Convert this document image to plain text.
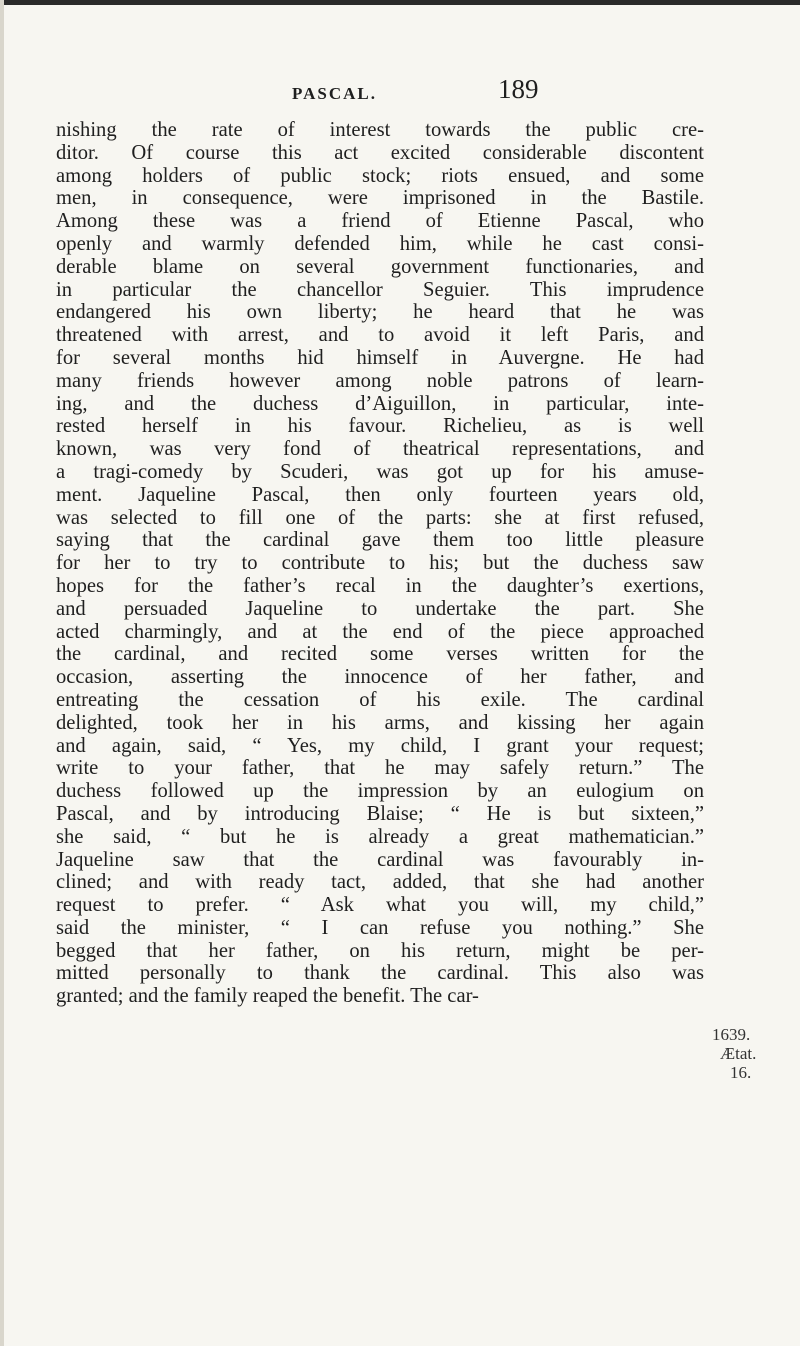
PASCAL.	189
nishing the rate of interest towards the public cre-
ditor. Of course this act excited considerable discontent
among holders of public stock; riots ensued, and some
men, in consequence, were imprisoned in the Bastile.
Among these was a friend of Etienne Pascal, who
openly and warmly defended him, while he cast consi-
derable blame on several government functionaries, and
in particular the chancellor Seguier. This imprudence
endangered his own liberty; he heard that he was
threatened with arrest, and to avoid it left Paris, and
for several months hid himself in Auvergne. He had
many friends however among noble patrons of learn-
ing, and the duchess d’Aiguillon, in particular, inte-
rested herself in his favour. Richelieu, as is well
known, was very fond of theatrical representations, and
a tragi-comedy by Scuderi, was got up for his amuse-
ment. Jaqueline Pascal, then only fourteen years old,
was selected to fill one of the parts: she at first refused,
saying that the cardinal gave them too little pleasure
for her to try to contribute to his; but the duchess saw
hopes for the father’s recal in the daughter’s exertions,
and persuaded Jaqueline to undertake the part. She
acted charmingly, and at the end of the piece approached
the cardinal, and recited some verses written for the
occasion, asserting the innocence of her father, and
entreating the cessation of his exile. The cardinal
delighted, took her in his arms, and kissing her again
and again, said, “ Yes, my child, I grant your request;
write to your father, that he may safely return.” The
duchess followed up the impression by an eulogium on
Pascal, and by introducing Blaise; “ He is but sixteen,”
she said, “ but he is already a great mathematician.”
Jaqueline saw that the cardinal was favourably in-
clined; and with ready tact, added, that she had another
request to prefer. “ Ask what you will, my child,”
said the minister, “ I can refuse you nothing.” She
begged that her father, on his return, might be per-
mitted personally to thank the cardinal. This also was
granted; and the family reaped the benefit. The car-
1639.
Ætat.
16.
